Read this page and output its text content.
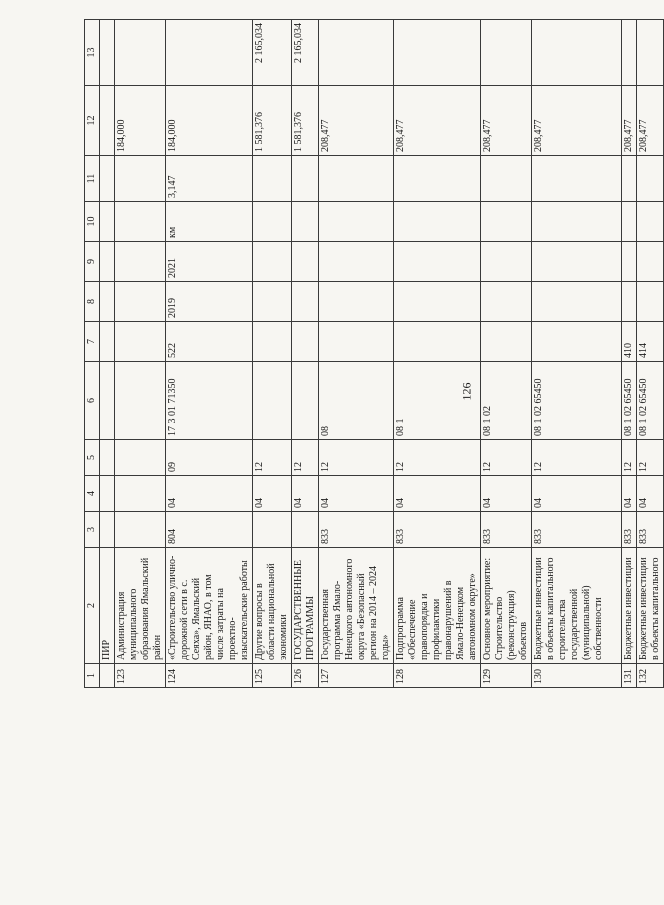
126
1	2	3	4	5	6	7	8	9	10	11	12	13
	ПИР											
123	Администрация муниципального образования Ямальский район										184,000	
124	«Строительство улично-дорожной сети в с. Сеяха», Ямальский район, ЯНАО, в том числе затраты на проектно-изыскательские работы	804	04	09	17 3 01 71350	522	2019	2021	км	3,147	184,000	
125	Другие вопросы в области национальной экономики		04	12							1 581,376	2 165,034
126	ГОСУДАРСТВЕННЫЕ ПРОГРАММЫ		04	12							1 581,376	2 165,034
127	Государственная программа Ямало-Ненецкого автономного округа «Безопасный регион на 2014 – 2024 годы»	833	04	12	08						208,477	
128	Подпрограмма «Обеспечение правопорядка и профилактики правонарушений в Ямало-Ненецком автономном округе»	833	04	12	08 1						208,477	
129	Основное мероприятие: Строительство (реконструкция) объектов	833	04	12	08 1 02						208,477	
130	Бюджетные инвестиции в объекты капитального строительства государственной (муниципальной) собственности	833	04	12	08 1 02 65450						208,477	
131	Бюджетные инвестиции	833	04	12	08 1 02 65450	410					208,477	
132	Бюджетные инвестиции в объекты капитального	833	04	12	08 1 02 65450	414					208,477	
